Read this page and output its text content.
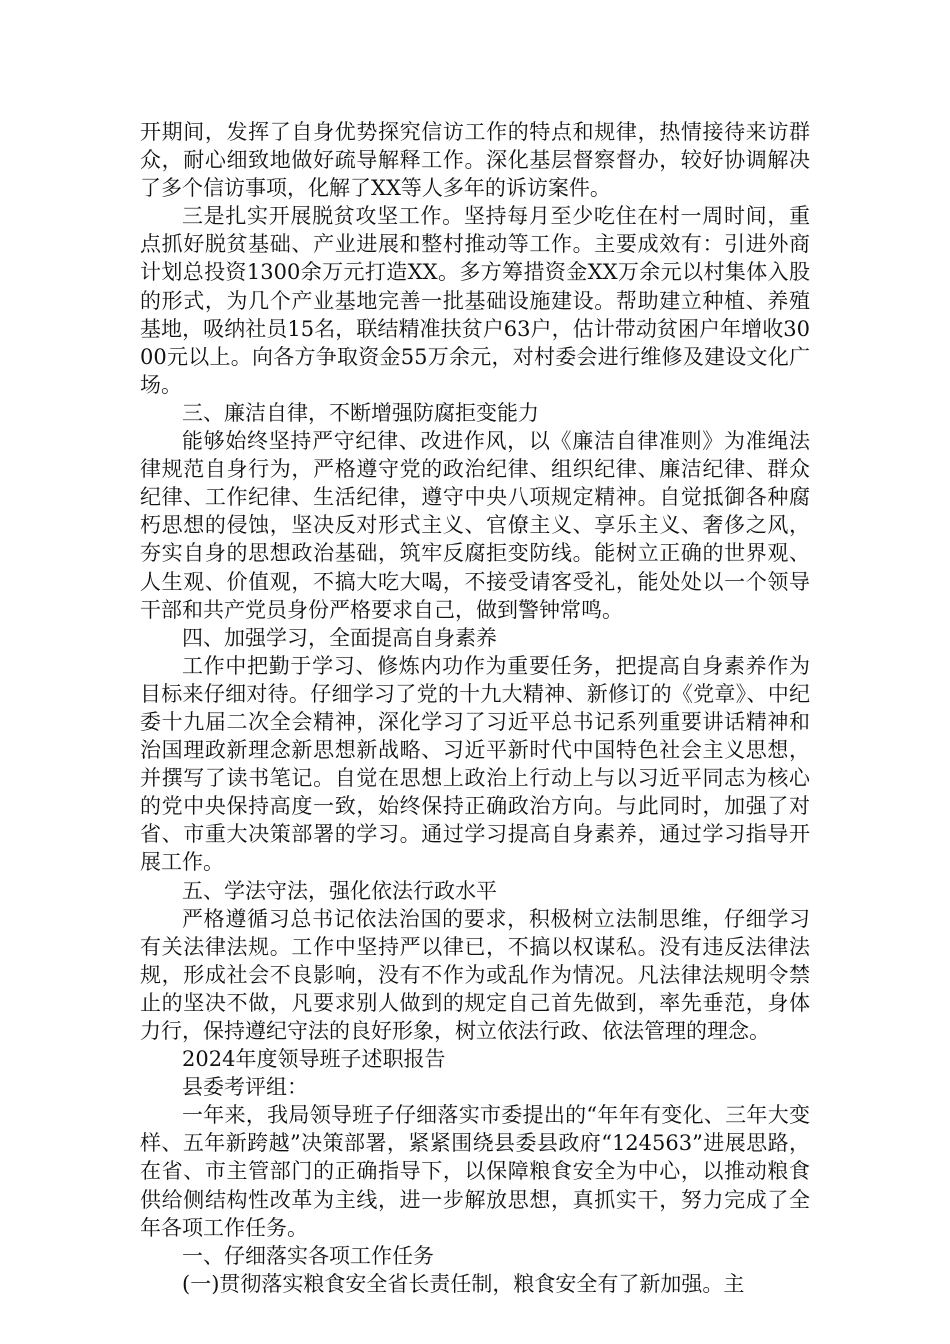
开期间，发挥了自身优势探究信访工作的特点和规律，热情接待来访群众，耐心细致地做好疏导解释工作。深化基层督察督办，较好协调解决了多个信访事项，化解了XX等人多年的诉访案件。

三是扎实开展脱贫攻坚工作。坚持每月至少吃住在村一周时间，重点抓好脱贫基础、产业进展和整村推动等工作。主要成效有：引进外商计划总投资1300余万元打造XX。多方筹措资金XX万余元以村集体入股的形式，为几个产业基地完善一批基础设施建设。帮助建立种植、养殖基地，吸纳社员15名，联结精准扶贫户63户，估计带动贫困户年增收3000元以上。向各方争取资金55万余元，对村委会进行维修及建设文化广场。

三、廉洁自律，不断增强防腐拒变能力

能够始终坚持严守纪律、改进作风，以《廉洁自律准则》为准绳法律规范自身行为，严格遵守党的政治纪律、组织纪律、廉洁纪律、群众纪律、工作纪律、生活纪律，遵守中央八项规定精神。自觉抵御各种腐朽思想的侵蚀，坚决反对形式主义、官僚主义、享乐主义、奢侈之风，夯实自身的思想政治基础，筑牢反腐拒变防线。能树立正确的世界观、人生观、价值观，不搞大吃大喝，不接受请客受礼，能处处以一个领导干部和共产党员身份严格要求自己，做到警钟常鸣。

四、加强学习，全面提高自身素养

工作中把勤于学习、修炼内功作为重要任务，把提高自身素养作为目标来仔细对待。仔细学习了党的十九大精神、新修订的《党章》、中纪委十九届二次全会精神，深化学习了习近平总书记系列重要讲话精神和治国理政新理念新思想新战略、习近平新时代中国特色社会主义思想，并撰写了读书笔记。自觉在思想上政治上行动上与以习近平同志为核心的党中央保持高度一致，始终保持正确政治方向。与此同时，加强了对省、市重大决策部署的学习。通过学习提高自身素养，通过学习指导开展工作。

五、学法守法，强化依法行政水平

严格遵循习总书记依法治国的要求，积极树立法制思维，仔细学习有关法律法规。工作中坚持严以律已，不搞以权谋私。没有违反法律法规，形成社会不良影响，没有不作为或乱作为情况。凡法律法规明令禁止的坚决不做，凡要求别人做到的规定自己首先做到，率先垂范，身体力行，保持遵纪守法的良好形象，树立依法行政、依法管理的理念。

2024年度领导班子述职报告

县委考评组：

一年来，我局领导班子仔细落实市委提出的“年年有变化、三年大变样、五年新跨越”决策部署，紧紧围绕县委县政府“124563”进展思路，在省、市主管部门的正确指导下，以保障粮食安全为中心，以推动粮食供给侧结构性改革为主线，进一步解放思想，真抓实干，努力完成了全年各项工作任务。

一、仔细落实各项工作任务

(一)贯彻落实粮食安全省长责任制，粮食安全有了新加强。主
